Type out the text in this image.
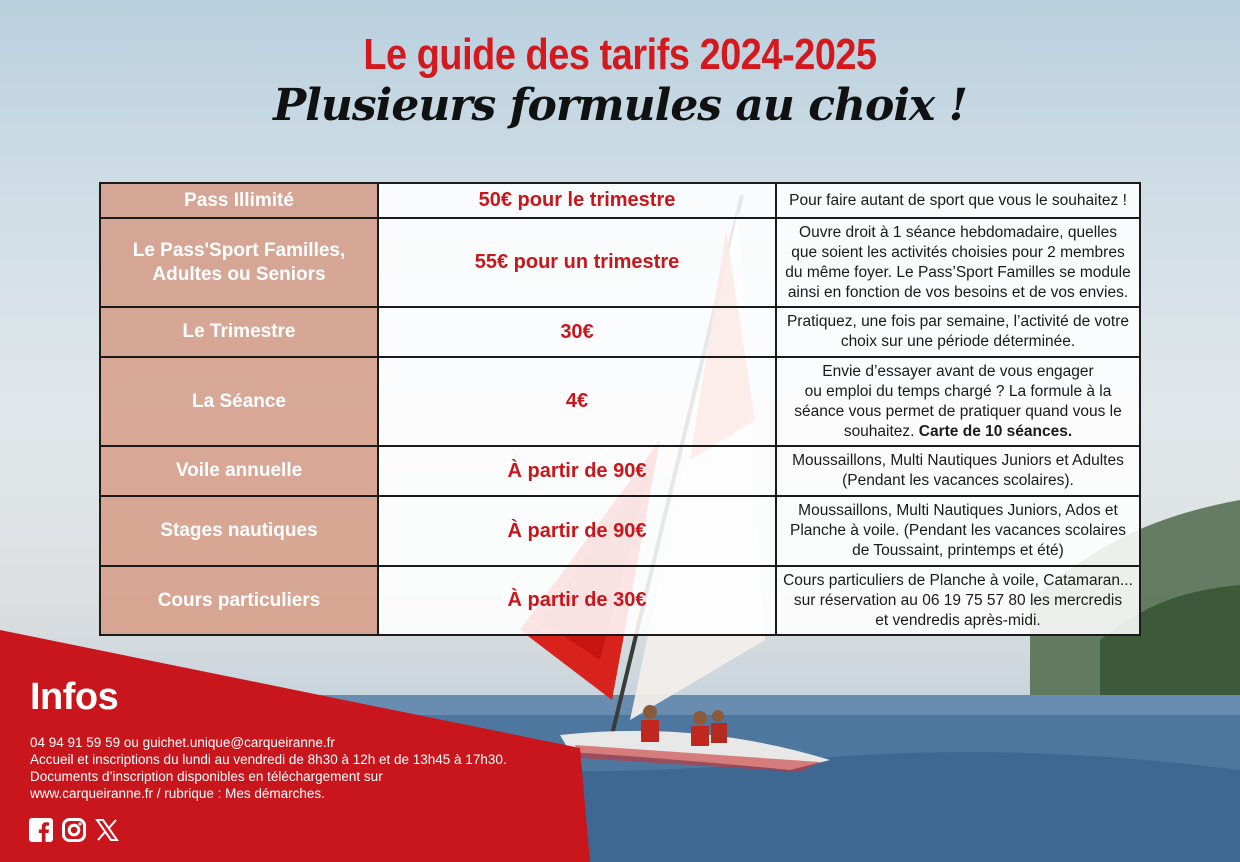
Le guide des tarifs 2024-2025
Plusieurs formules au choix !
Pass Illimité	50€ pour le trimestre	Pour faire autant de sport que vous le souhaitez !

Le Pass'Sport Familles, Adultes ou Seniors	55€ pour un trimestre	Ouvre droit à 1 séance hebdomadaire, quelles
que soient les activités choisies pour 2 membres
du même foyer. Le Pass’Sport Familles se module
ainsi en fonction de vos besoins et de vos envies.

Le Trimestre	30€	Pratiquez, une fois par semaine, l’activité de votre
choix sur une période déterminée.

La Séance	4€	Envie d’essayer avant de vous engager
ou emploi du temps chargé ? La formule à la
séance vous permet de pratiquer quand vous le
souhaitez. Carte de 10 séances.

Voile annuelle	À partir de 90€	Moussaillons, Multi Nautiques Juniors et Adultes
(Pendant les vacances scolaires).

Stages nautiques	À partir de 90€	Moussaillons, Multi Nautiques Juniors, Ados et
Planche à voile. (Pendant les vacances scolaires
de Toussaint, printemps et été)

Cours particuliers	À partir de 30€	Cours particuliers de Planche à voile, Catamaran...
sur réservation au 06 19 75 57 80 les mercredis
et vendredis après-midi.
Infos
04 94 91 59 59 ou guichet.unique@carqueiranne.fr
Accueil et inscriptions du lundi au vendredi de 8h30 à 12h et de 13h45 à 17h30.
Documents d’inscription disponibles en téléchargement sur
www.carqueiranne.fr / rubrique : Mes démarches.
